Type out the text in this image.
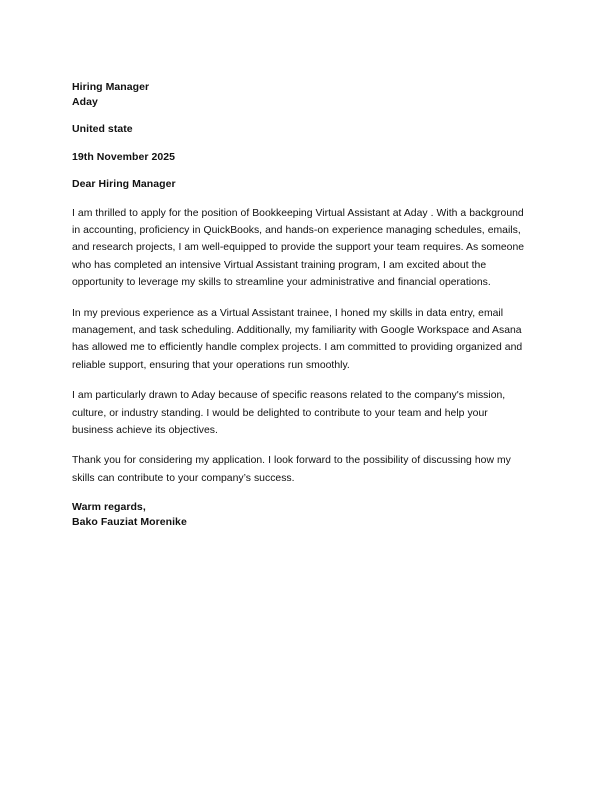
Hiring Manager
Aday
United state
19th November 2025
Dear Hiring Manager

I am thrilled to apply for the position of Bookkeeping Virtual Assistant at Aday . With a background in accounting, proficiency in QuickBooks, and hands-on experience managing schedules, emails, and research projects, I am well-equipped to provide the support your team requires. As someone who has completed an intensive Virtual Assistant training program, I am excited about the opportunity to leverage my skills to streamline your administrative and financial operations.

In my previous experience as a Virtual Assistant trainee, I honed my skills in data entry, email management, and task scheduling. Additionally, my familiarity with Google Workspace and Asana has allowed me to efficiently handle complex projects. I am committed to providing organized and reliable support, ensuring that your operations run smoothly.

I am particularly drawn to Aday because of specific reasons related to the company's mission, culture, or industry standing. I would be delighted to contribute to your team and help your business achieve its objectives.

Thank you for considering my application. I look forward to the possibility of discussing how my skills can contribute to your company’s success.

Warm regards,
Bako Fauziat Morenike
